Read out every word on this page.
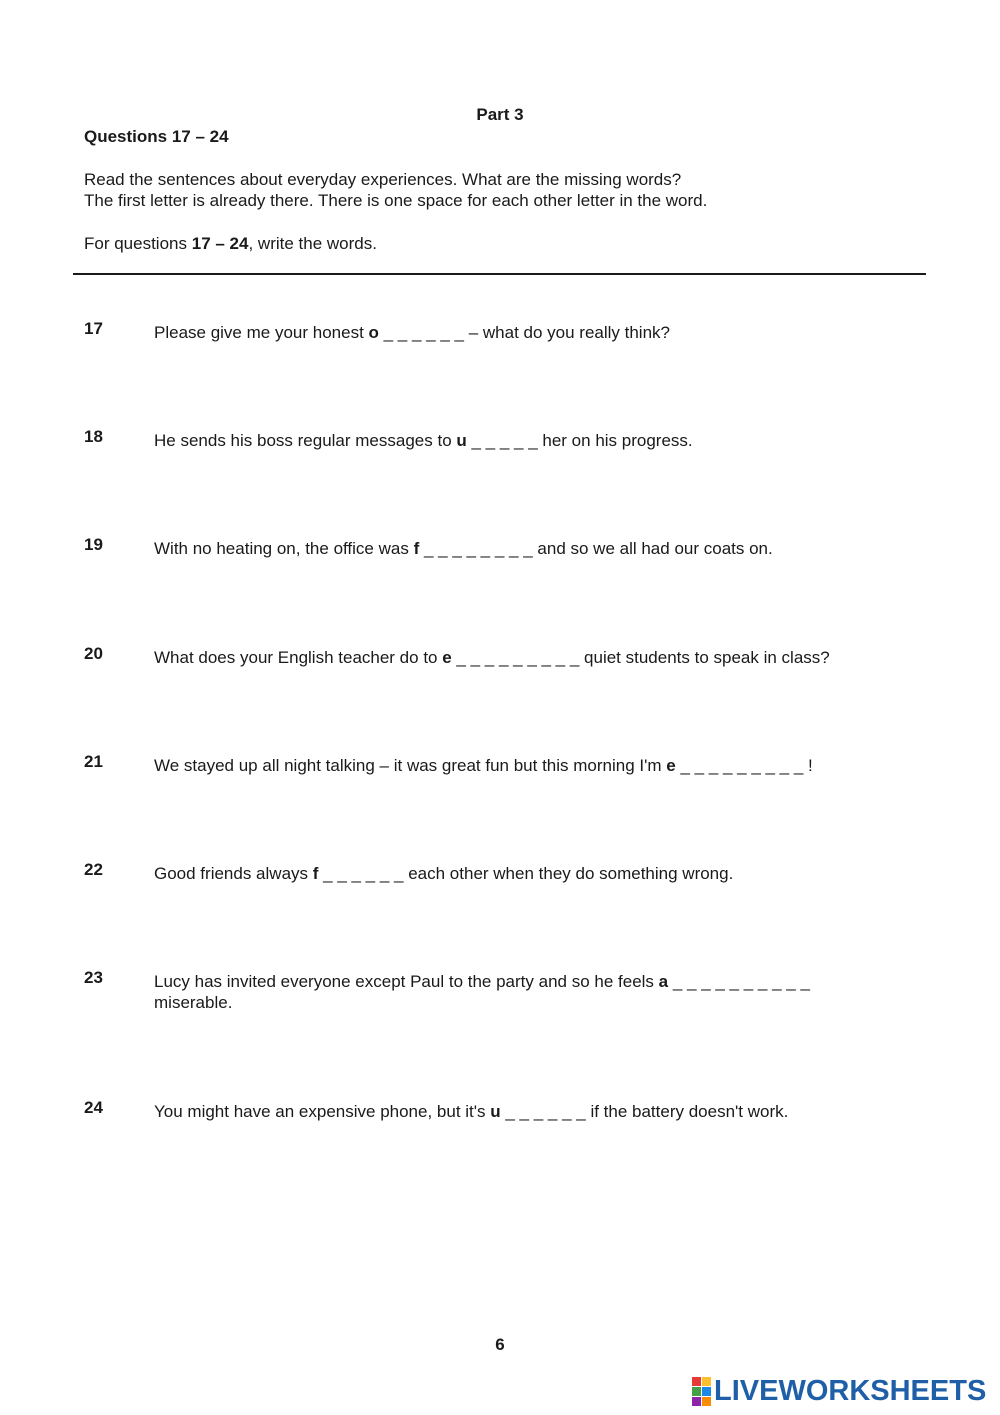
Part 3
Questions 17 – 24
Read the sentences about everyday experiences. What are the missing words?
The first letter is already there. There is one space for each other letter in the word.
For questions 17 – 24, write the words.
17	Please give me your honest o _ _ _ _ _ _ – what do you really think?
18	He sends his boss regular messages to u _ _ _ _ _ her on his progress.
19	With no heating on, the office was f _ _ _ _ _ _ _ _ and so we all had our coats on.
20	What does your English teacher do to e _ _ _ _ _ _ _ _ _ quiet students to speak in class?
21	We stayed up all night talking – it was great fun but this morning I'm e _ _ _ _ _ _ _ _ _ !
22	Good friends always f _ _ _ _ _ _ each other when they do something wrong.
23	Lucy has invited everyone except Paul to the party and so he feels a _ _ _ _ _ _ _ _ _ _ miserable.
24	You might have an expensive phone, but it's u _ _ _ _ _ _ if the battery doesn't work.
6
LIVEWORKSHEETS
